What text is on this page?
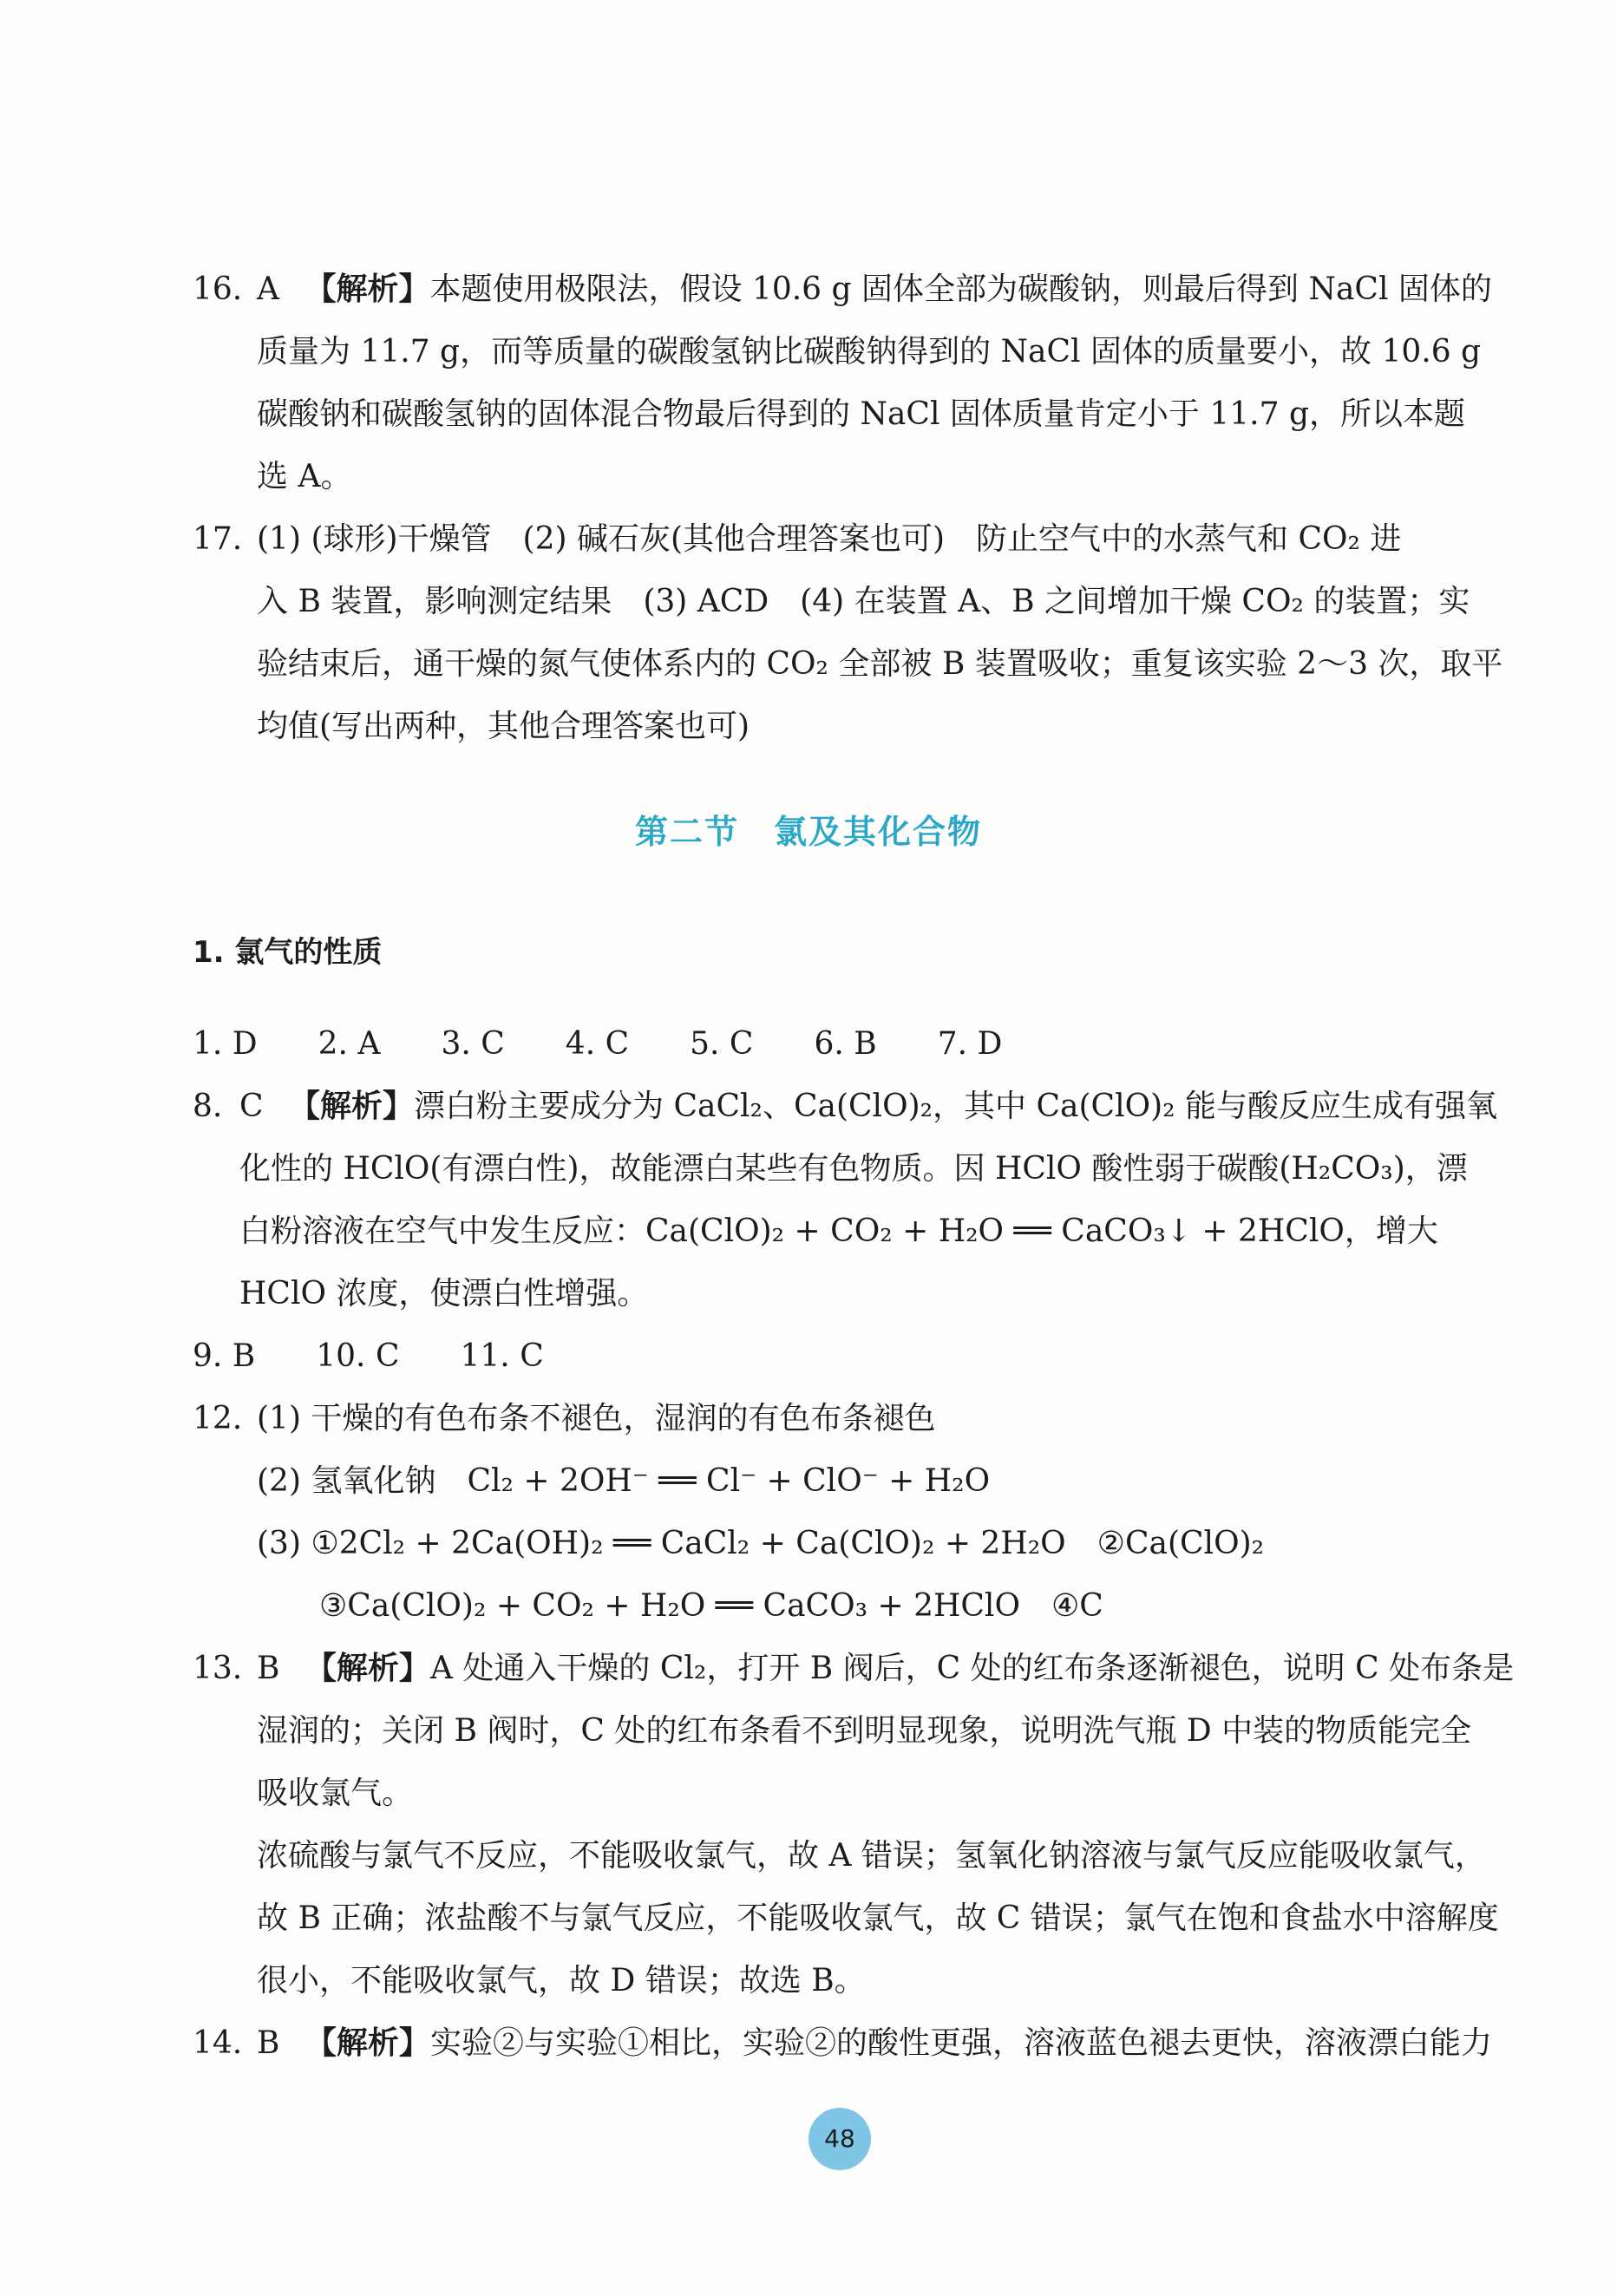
16. A 【解析】本题使用极限法，假设 10.6 g 固体全部为碳酸钠，则最后得到 NaCl 固体的
质量为 11.7 g，而等质量的碳酸氢钠比碳酸钠得到的 NaCl 固体的质量要小，故 10.6 g
碳酸钠和碳酸氢钠的固体混合物最后得到的 NaCl 固体质量肯定小于 11.7 g，所以本题
选 A。
17. (1) (球形)干燥管　(2) 碱石灰(其他合理答案也可)　防止空气中的水蒸气和 CO₂ 进
入 B 装置，影响测定结果　(3) ACD　(4) 在装置 A、B 之间增加干燥 CO₂ 的装置；实
验结束后，通干燥的氮气使体系内的 CO₂ 全部被 B 装置吸收；重复该实验 2～3 次，取平
均值(写出两种，其他合理答案也可)
第二节　氯及其化合物
1. 氯气的性质
1. D 2. A 3. C 4. C 5. C 6. B 7. D
8. C 【解析】漂白粉主要成分为 CaCl₂、Ca(ClO)₂，其中 Ca(ClO)₂ 能与酸反应生成有强氧
化性的 HClO(有漂白性)，故能漂白某些有色物质。因 HClO 酸性弱于碳酸(H₂CO₃)，漂
白粉溶液在空气中发生反应：Ca(ClO)₂ + CO₂ + H₂O ══ CaCO₃↓ + 2HClO，增大
HClO 浓度，使漂白性增强。
9. B 10. C 11. C
12. (1) 干燥的有色布条不褪色，湿润的有色布条褪色
(2) 氢氧化钠　Cl₂ + 2OH⁻ ══ Cl⁻ + ClO⁻ + H₂O
(3) ①2Cl₂ + 2Ca(OH)₂ ══ CaCl₂ + Ca(ClO)₂ + 2H₂O　②Ca(ClO)₂
③Ca(ClO)₂ + CO₂ + H₂O ══ CaCO₃ + 2HClO　④C
13. B 【解析】A 处通入干燥的 Cl₂，打开 B 阀后，C 处的红布条逐渐褪色，说明 C 处布条是
湿润的；关闭 B 阀时，C 处的红布条看不到明显现象，说明洗气瓶 D 中装的物质能完全
吸收氯气。
浓硫酸与氯气不反应，不能吸收氯气，故 A 错误；氢氧化钠溶液与氯气反应能吸收氯气，
故 B 正确；浓盐酸不与氯气反应，不能吸收氯气，故 C 错误；氯气在饱和食盐水中溶解度
很小，不能吸收氯气，故 D 错误；故选 B。
14. B 【解析】实验②与实验①相比，实验②的酸性更强，溶液蓝色褪去更快，溶液漂白能力
48
